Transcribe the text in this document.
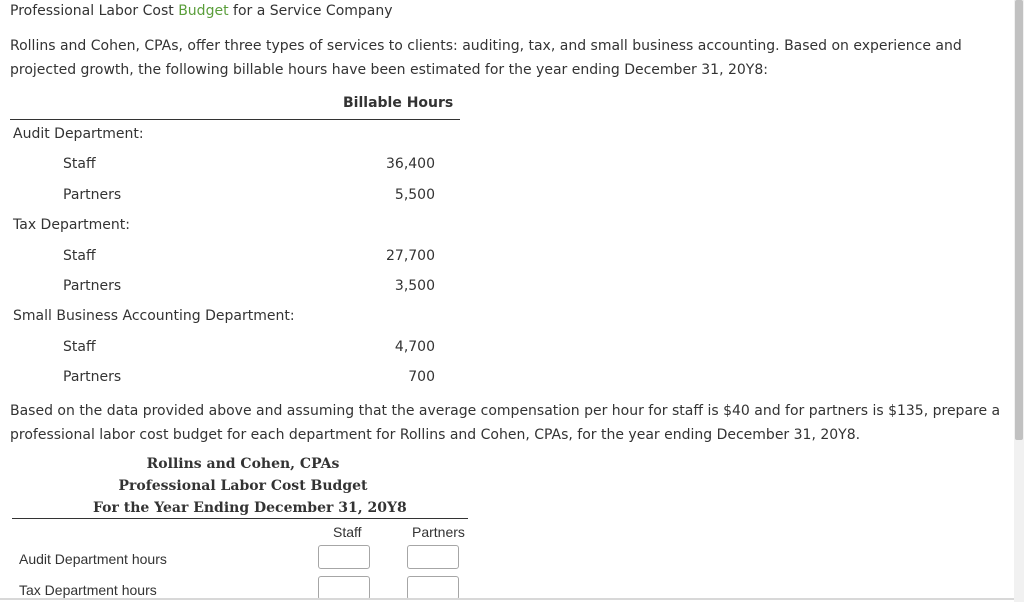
Professional Labor Cost Budget for a Service Company
Rollins and Cohen, CPAs, offer three types of services to clients: auditing, tax, and small business accounting. Based on experience and projected growth, the following billable hours have been estimated for the year ending December 31, 20Y8:
Billable Hours
Audit Department:
Staff	36,400
Partners	5,500
Tax Department:
Staff	27,700
Partners	3,500
Small Business Accounting Department:
Staff	4,700
Partners	700
Based on the data provided above and assuming that the average compensation per hour for staff is $40 and for partners is $135, prepare a professional labor cost budget for each department for Rollins and Cohen, CPAs, for the year ending December 31, 20Y8.
Rollins and Cohen, CPAs
Professional Labor Cost Budget
For the Year Ending December 31, 20Y8
Staff	Partners
Audit Department hours
Tax Department hours
